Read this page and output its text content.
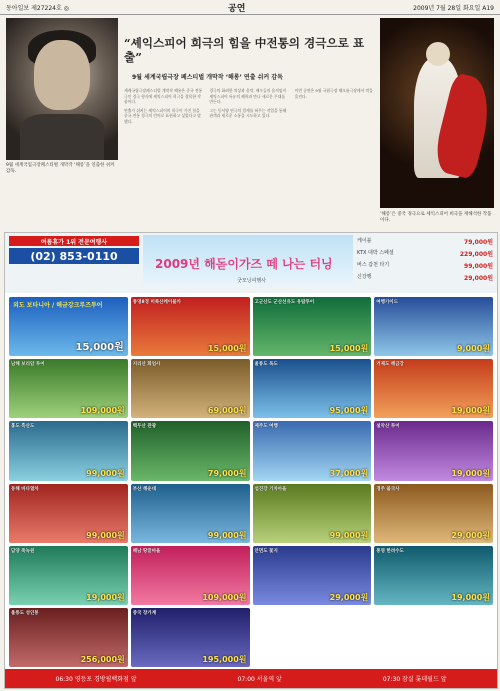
동아일보 제27224호 ◎	공연	2009년 7월 28일 화요일 A19
9월 세계국립극장페스티벌 개막작 ‘해롱’을 연출한 쉬커 감독.
“셰익스피어 희극의 힘을 中전통의 경극으로 표출”
9월 세계국립극장 페스티벌 개막작 ‘해롱’ 연출 쉬커 감독

세계국립극장페스티벌 개막작 해롱은 중국 전통극인 경극 형식에 셰익스피어 희극을 접목한 작품이다.

연출가 쉬커는 셰익스피어의 희극이 가진 힘을 중국 전통 경극의 언어로 표현하고 싶었다고 말했다.

경극의 화려한 의상과 음악, 배우들의 움직임이 셰익스피어 특유의 해학과 만나 새로운 무대를 만든다.

그는 동서양 연극의 경계를 허무는 작업을 통해 관객과 새로운 소통을 시도하고 있다.

이번 공연은 9월 국립극장 해오름극장에서 막을 올린다.

‘해롱’은 중국 경극으로 셰익스피어 희극을 재해석한 작품이다.
여름휴가 1위 전문여행사
(02) 853-0110
2009년 해돋이가즈 떼 나는 터닝
굿모닝여행사
케이블	79,000원
KTX 대박 스페셜	229,000원
버스 갑천 타기	99,000원
신강행	29,000원
외도 보타니아 / 해금강크루즈투어
15,000원
통영8경 미륵산케이블카
15,000원
고군산도 군산선유도 유람투어
15,000원
여행가이드
9,000원
남해 보리암 투어
109,000원
지리산 화엄사
69,000원
울릉도 독도
95,000원
거제도 해금강
19,000원
홍도 흑산도
99,000원
백두산 관광
79,000원
제주도 여행
37,000원
설악산 투어
19,000원
동해 바다열차
99,000원
부산 해운대
99,000원
섬진강 기차마을
99,000원
경주 불국사
29,000원
담양 죽녹원
19,000원
해남 땅끝마을
109,000원
안면도 꽃지
29,000원
통영 한려수도
19,000원
울릉도 성인봉
256,000원
중국 장가계
195,000원
06:30 영등포 경방필백화점 앞	07:00 서울역 앞	07:30 잠실 롯데월드 앞
